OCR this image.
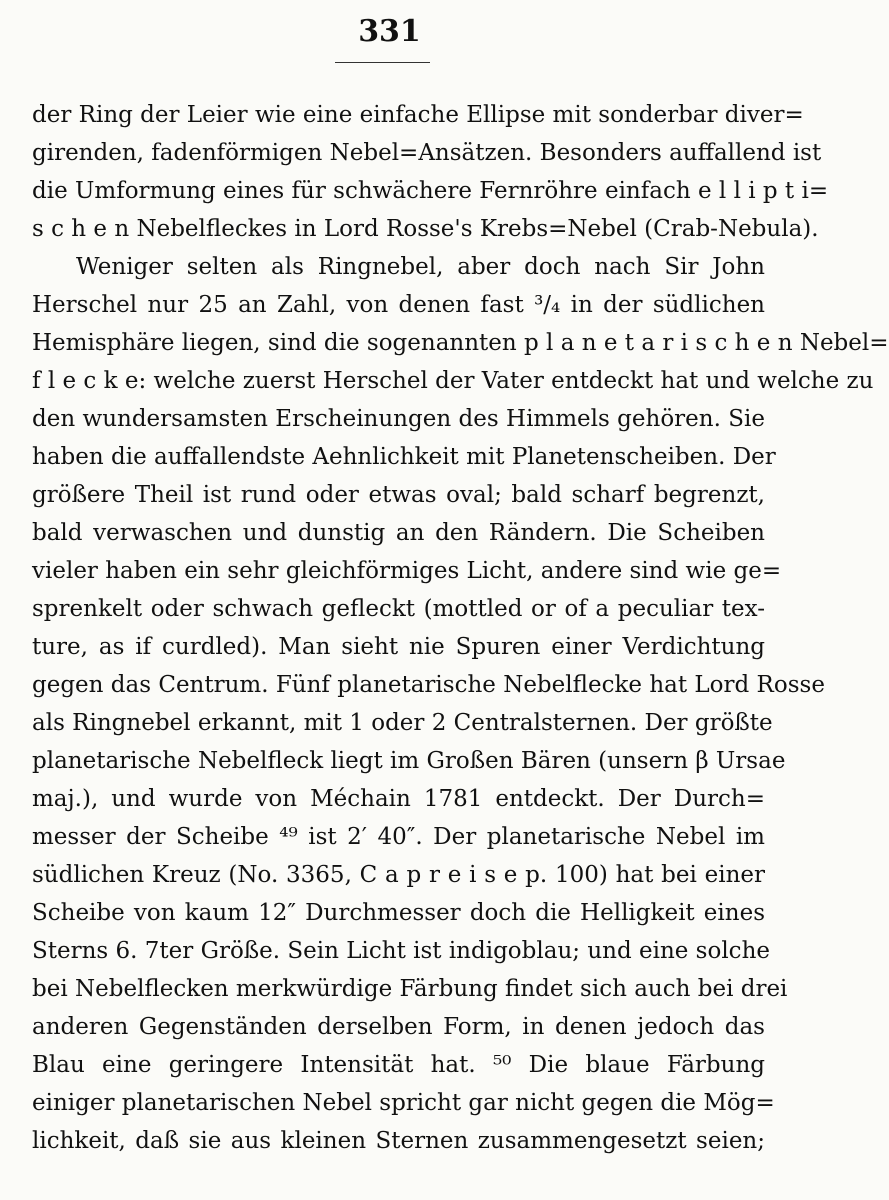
331
der Ring der Leier wie eine einfache Ellipse mit sonderbar diver=
girenden, fadenförmigen Nebel=Ansätzen. Besonders auffallend ist
die Umformung eines für schwächere Fernröhre einfach e l l i p t i=
s c h e n Nebelfleckes in Lord Rosse's Krebs=Nebel (Crab-Nebula).
Weniger selten als Ringnebel, aber doch nach Sir John
Herschel nur 25 an Zahl, von denen fast ³/₄ in der südlichen
Hemisphäre liegen, sind die sogenannten p l a n e t a r i s c h e n Nebel=
f l e c k e: welche zuerst Herschel der Vater entdeckt hat und welche zu
den wundersamsten Erscheinungen des Himmels gehören. Sie
haben die auffallendste Aehnlichkeit mit Planetenscheiben. Der
größere Theil ist rund oder etwas oval; bald scharf begrenzt,
bald verwaschen und dunstig an den Rändern. Die Scheiben
vieler haben ein sehr gleichförmiges Licht, andere sind wie ge=
sprenkelt oder schwach gefleckt (mottled or of a peculiar tex-
ture, as if curdled). Man sieht nie Spuren einer Verdichtung
gegen das Centrum. Fünf planetarische Nebelflecke hat Lord Rosse
als Ringnebel erkannt, mit 1 oder 2 Centralsternen. Der größte
planetarische Nebelfleck liegt im Großen Bären (unsern β Ursae
maj.), und wurde von Méchain 1781 entdeckt. Der Durch=
messer der Scheibe ⁴⁹ ist 2′ 40″. Der planetarische Nebel im
südlichen Kreuz (No. 3365, C a p r e i s e p. 100) hat bei einer
Scheibe von kaum 12″ Durchmesser doch die Helligkeit eines
Sterns 6. 7ter Größe. Sein Licht ist indigoblau; und eine solche
bei Nebelflecken merkwürdige Färbung findet sich auch bei drei
anderen Gegenständen derselben Form, in denen jedoch das
Blau eine geringere Intensität hat. ⁵⁰ Die blaue Färbung
einiger planetarischen Nebel spricht gar nicht gegen die Mög=
lichkeit, daß sie aus kleinen Sternen zusammengesetzt seien;
